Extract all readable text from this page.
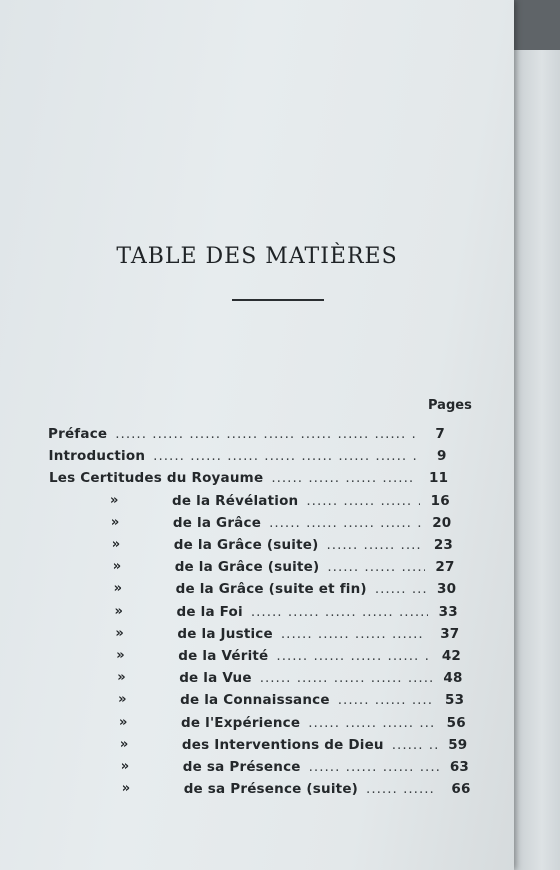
TABLE DES MATIÈRES
Pages
Préface .....	7
Introduction .....	9
Les Certitudes du Royaume .....	11
»	de la Révélation .....	16
»	de la Grâce .....	20
»	de la Grâce (suite) .....	23
»	de la Grâce (suite) .....	27
»	de la Grâce (suite et fin) .....	30
»	de la Foi .....	33
»	de la Justice .....	37
»	de la Vérité .....	42
»	de la Vue .....	48
»	de la Connaissance .....	53
»	de l'Expérience .....	56
»	des Interventions de Dieu .....	59
»	de sa Présence .....	63
»	de sa Présence (suite) .....	66
